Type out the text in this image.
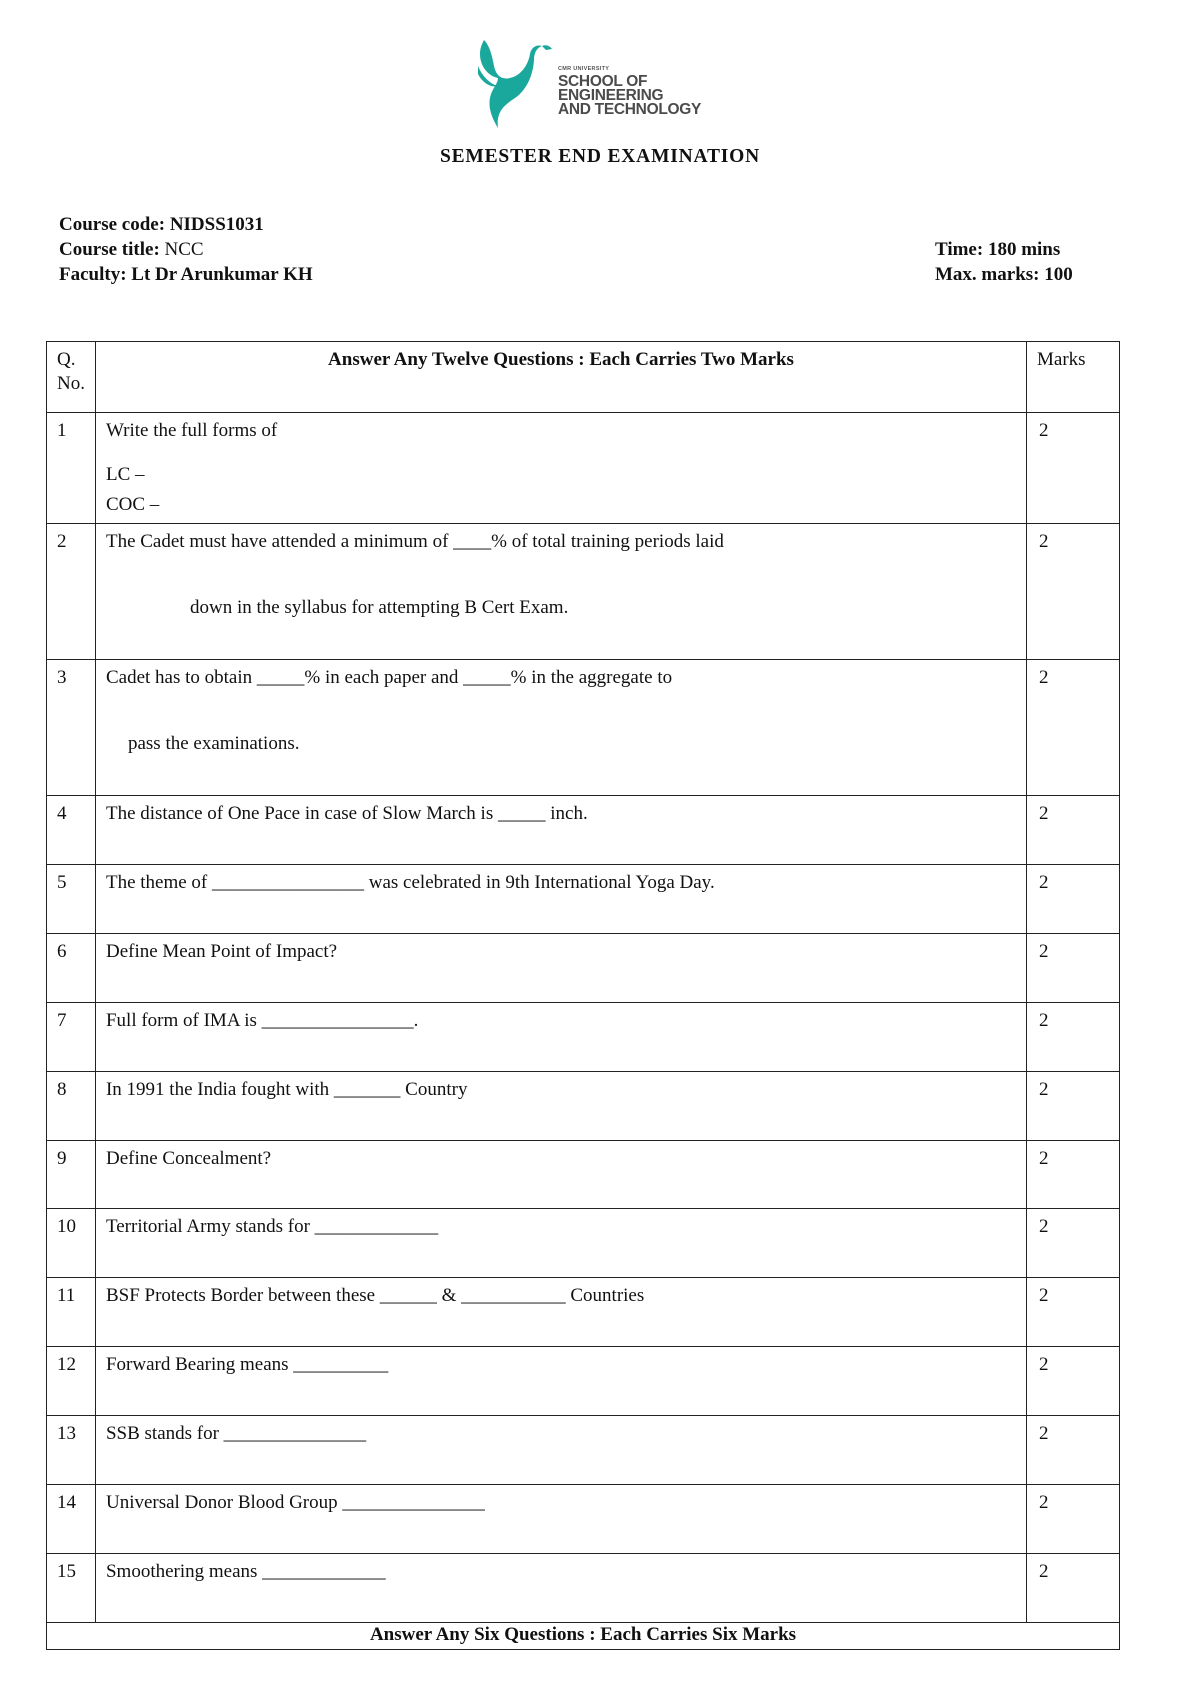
CMR UNIVERSITY
SCHOOL OF
ENGINEERING
AND TECHNOLOGY
SEMESTER END EXAMINATION
Course code: NIDSS1031
Course title: NCC
Faculty: Lt Dr Arunkumar KH
Time: 180 mins
Max. marks: 100
Q. No.	Answer Any Twelve Questions : Each Carries Two Marks	Marks
1	Write the full forms of
LC –
COC –	2
2	The Cadet must have attended a minimum of ____% of total training periods laid
down in the syllabus for attempting B Cert Exam.	2
3	Cadet has to obtain _____% in each paper and _____% in the aggregate to
pass the examinations.	2
4	The distance of One Pace in case of Slow March is _____ inch.	2
5	The theme of ________________ was celebrated in 9th International Yoga Day.	2
6	Define Mean Point of Impact?	2
7	Full form of IMA is ________________.	2
8	In 1991 the India fought with _______ Country	2
9	Define Concealment?	2
10	Territorial Army stands for _____________	2
11	BSF Protects Border between these ______ & ___________ Countries	2
12	Forward Bearing means __________	2
13	SSB stands for _______________	2
14	Universal Donor Blood Group _______________	2
15	Smoothering means _____________	2
Answer Any Six Questions : Each Carries Six Marks		
